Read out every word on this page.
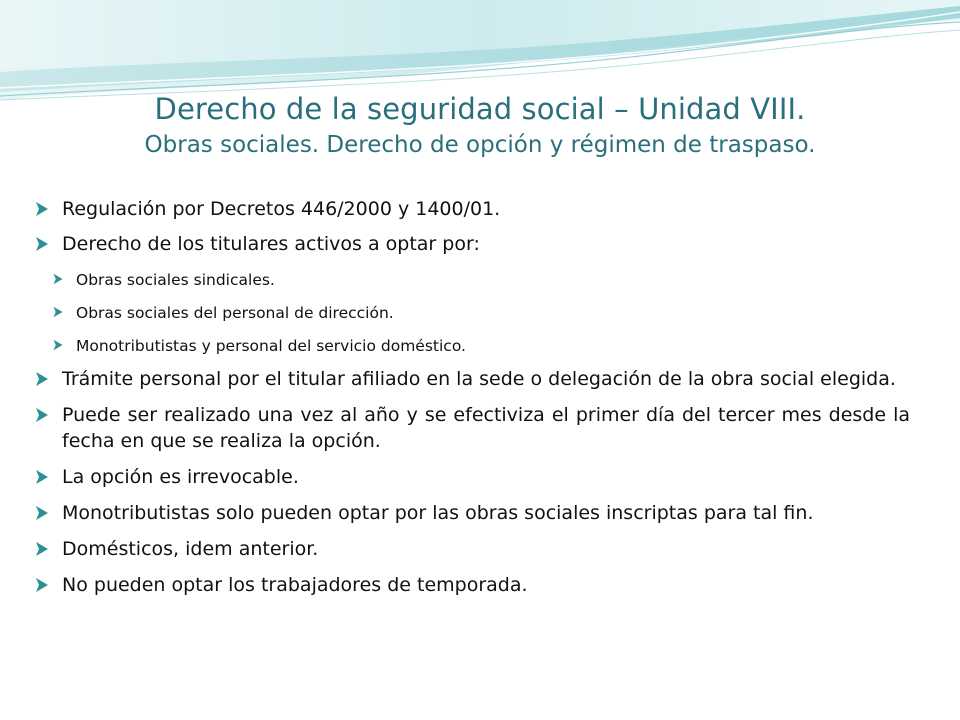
Derecho de la seguridad social – Unidad VIII.
Obras sociales. Derecho de opción y régimen de traspaso.
Regulación por Decretos 446/2000 y 1400/01.
Derecho de los titulares activos a optar por:
Obras sociales sindicales.
Obras sociales del personal de dirección.
Monotributistas y personal del servicio doméstico.
Trámite personal por el titular afiliado en la sede o delegación de la obra social elegida.
Puede ser realizado una vez al año y se efectiviza el primer día del tercer mes desde la fecha en que se realiza la opción.
La opción es irrevocable.
Monotributistas solo pueden optar por las obras sociales inscriptas para tal fin.
Domésticos, idem anterior.
No pueden optar los trabajadores de temporada.
